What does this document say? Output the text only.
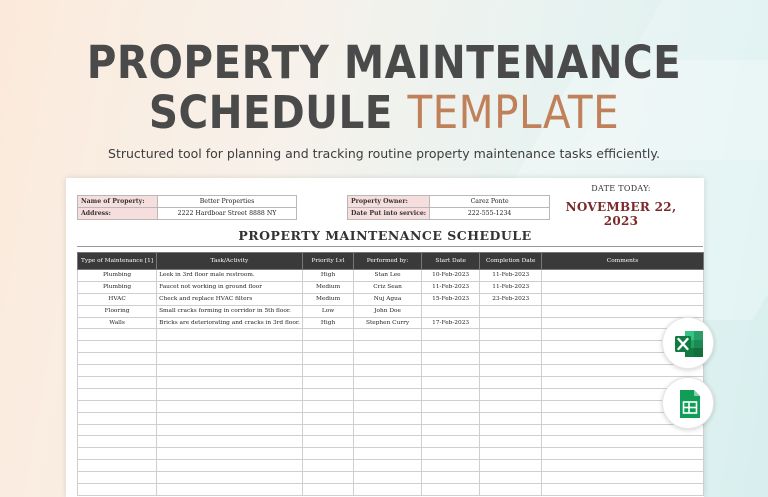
PROPERTY MAINTENANCE
SCHEDULE TEMPLATE
Structured tool for planning and tracking routine property maintenance tasks efficiently.
Name of Property:	Better Properties
Address:	2222 Hardboar Street 8888 NY
Property Owner:	Carez Ponte
Date Put into service:	222-555-1234
DATE TODAY:
NOVEMBER 22, 2023
PROPERTY MAINTENANCE SCHEDULE
Type of Maintenance [1]	Task/Activity	Priority Lvl	Performed by:	Start Date	Completion Date	Comments
Plumbing	Leek in 3rd floor male restroom.	High	Stan Lee	10-Feb-2023	11-Feb-2023	
Plumbing	Faucet not working in ground floor	Medium	Criz Sean	11-Feb-2023	11-Feb-2023	
HVAC	Check and replace HVAC filters	Medium	Nuj Agua	15-Feb-2023	23-Feb-2023	
Flooring	Small cracks forming in corridor in 5th floor.	Low	John Doe			
Walls	Bricks are deteriorating and cracks in 3rd floor.	High	Stephen Curry	17-Feb-2023		
